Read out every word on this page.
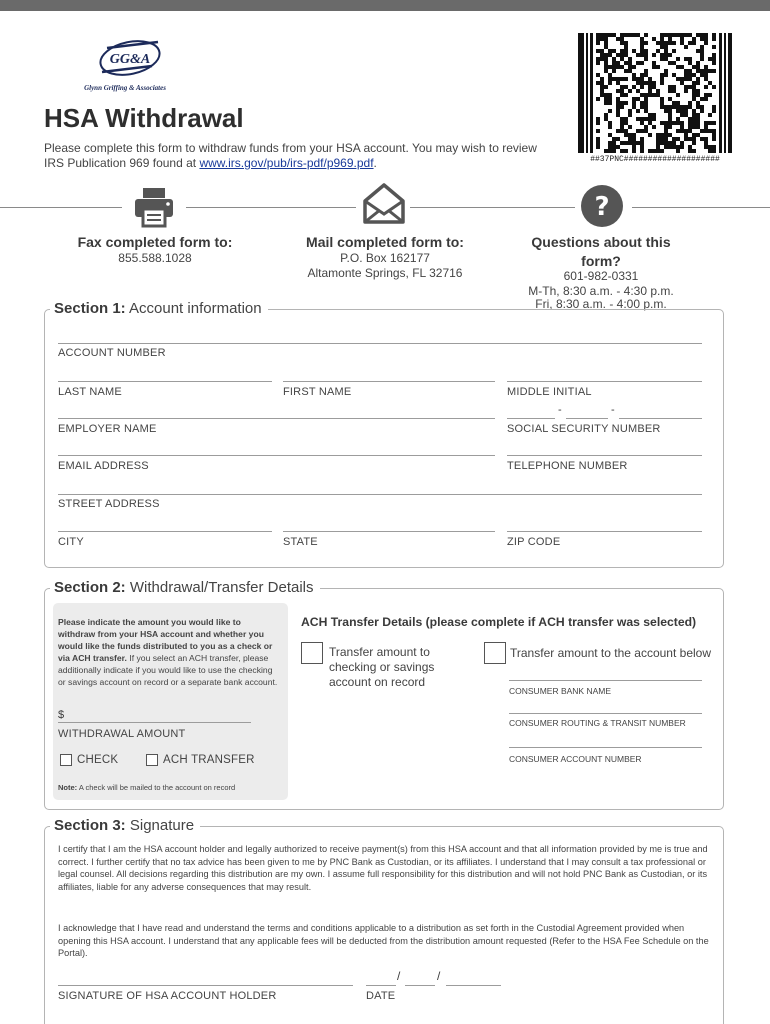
GG&A
Glynn Griffing & Associates
HSA Withdrawal
Please complete this form to withdraw funds from your HSA account. You may wish to review IRS Publication 969 found at www.irs.gov/pub/irs-pdf/p969.pdf.	##37PNC####################
?
Fax completed form to:
855.588.1028
Mail completed form to:
P.O. Box 162177
Altamonte Springs, FL 32716
Questions about this
form?
601-982-0331
M-Th, 8:30 a.m. - 4:30 p.m.
Fri, 8:30 a.m. - 4:00 p.m.
Section 1: Account information
ACCOUNT NUMBER
LAST NAME	FIRST NAME	MIDDLE INITIAL
-	-
EMPLOYER NAME	SOCIAL SECURITY NUMBER
EMAIL ADDRESS	TELEPHONE NUMBER
STREET ADDRESS
CITY	STATE	ZIP CODE
Section 2: Withdrawal/Transfer Details
Please indicate the amount you would like to withdraw from your HSA account and whether you would like the funds distributed to you as a check or via ACH transfer. If you select an ACH transfer, please additionally indicate if you would like to use the checking or savings account on record or a separate bank account.
$
WITHDRAWAL AMOUNT
CHECK	ACH TRANSFER
Note: A check will be mailed to the account on record
ACH Transfer Details (please complete if ACH transfer was selected)
Transfer amount to
checking or savings
account on record
Transfer amount to the account below
CONSUMER BANK NAME
CONSUMER ROUTING & TRANSIT NUMBER
CONSUMER ACCOUNT NUMBER
Section 3: Signature
I certify that I am the HSA account holder and legally authorized to receive payment(s) from this HSA account and that all information provided by me is true and correct. I further certify that no tax advice has been given to me by PNC Bank as Custodian, or its affiliates. I understand that I may consult a tax professional or legal counsel. All decisions regarding this distribution are my own. I assume full responsibility for this distribution and will not hold PNC Bank as Custodian, or its affiliates, liable for any adverse consequences that may result.
I acknowledge that I have read and understand the terms and conditions applicable to a distribution as set forth in the Custodial Agreement provided when opening this HSA account. I understand that any applicable fees will be deducted from the distribution amount requested (Refer to the HSA Fee Schedule on the Portal).
SIGNATURE OF HSA ACCOUNT HOLDER
/	/
DATE
